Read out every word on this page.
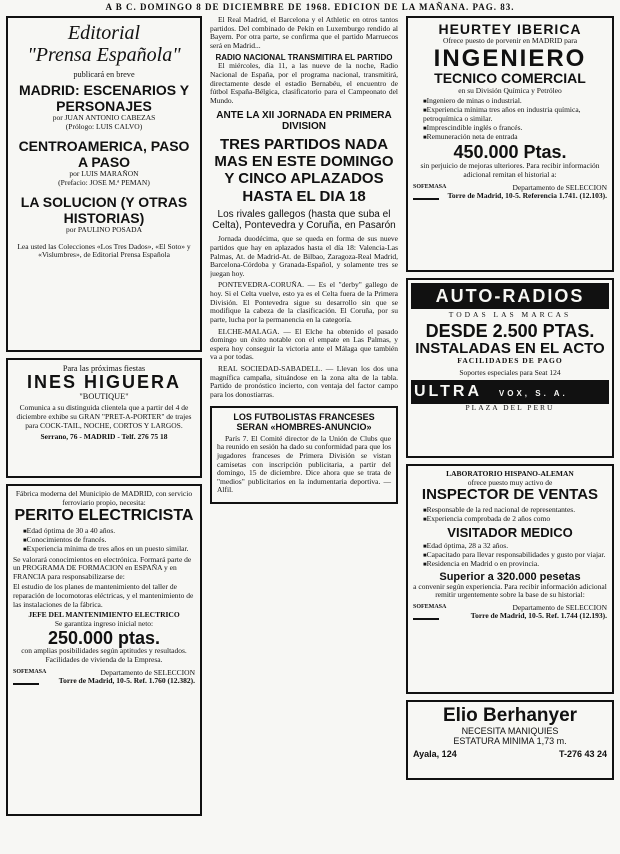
A B C. DOMINGO 8 DE DICIEMBRE DE 1968. EDICION DE LA MAÑANA. PAG. 83.
Editorial
"Prensa Española"
publicará en breve
MADRID: ESCENARIOS Y PERSONAJES
por JUAN ANTONIO CABEZAS
(Prólogo: LUIS CALVO)
CENTROAMERICA, PASO A PASO
por LUIS MARAÑON
(Prefacio: JOSE M.ª PEMAN)
LA SOLUCION (Y OTRAS HISTORIAS)
por PAULINO POSADA
Lea usted las Colecciones «Los Tres Dados», «El Soto» y «Vislumbres», de Editorial Prensa Española
Para las próximas fiestas
INES HIGUERA
"BOUTIQUE"
Comunica a su distinguida clientela que a partir del 4 de diciembre exhibe su GRAN "PRET-A-PORTER" de trajes para COCK-TAIL, NOCHE, CORTOS Y LARGOS.
Serrano, 76 - MADRID - Telf. 276 75 18
Fábrica moderna del Municipio de MADRID, con servicio ferroviario propio, necesita:
PERITO ELECTRICISTA
■ Edad óptima de 30 a 40 años.
■ Conocimientos de francés.
■ Experiencia mínima de tres años en un puesto similar.
Se valorará conocimientos en electrónica. Formará parte de un PROGRAMA DE FORMACION en ESPAÑA y en FRANCIA para responsabilizarse de:
El estudio de los planes de mantenimiento del taller de reparación de locomotoras eléctricas, y el mantenimiento de las instalaciones de la fábrica.
JEFE DEL MANTENIMIENTO ELECTRICO
Se garantiza ingreso inicial neto:
250.000 ptas.
con amplias posibilidades según aptitudes y resultados.
Facilidades de vivienda de la Empresa.
SOFEMASA	Departamento de SELECCION
Torre de Madrid, 10-5. Ref. 1.760 (12.382).

El Real Madrid, el Barcelona y el Athletic en otros tantos partidos. Del combinado de Pekín en Luxemburgo rendido al Bayern. Por otra parte, se confirma que el partido Marruecos será en Madrid...

RADIO NACIONAL TRANSMITIRA EL PARTIDO

El miércoles, día 11, a las nueve de la noche, Radio Nacional de España, por el programa nacional, transmitirá, directamente desde el estadio Bernabéu, el encuentro de fútbol España-Bélgica, clasificatorio para el Campeonato del Mundo.

ANTE LA XII JORNADA EN PRIMERA DIVISION
TRES PARTIDOS NADA MAS EN ESTE DOMINGO Y CINCO APLAZADOS HASTA EL DIA 18
Los rivales gallegos (hasta que suba el Celta), Pontevedra y Coruña, en Pasarón

Jornada duodécima, que se queda en forma de sus nueve partidos que hay en aplazados hasta el día 18: Valencia-Las Palmas, At. de Madrid-At. de Bilbao, Zaragoza-Real Madrid, Barcelona-Córdoba y Granada-Español, y solamente tres se juegan hoy.

PONTEVEDRA-CORUÑA. — Es el "derby" gallego de hoy. Si el Celta vuelve, esto ya es el Celta fuera de la Primera División. El Pontevedra sigue su desarrollo sin que se modifique la cabeza de la clasificación. El Coruña, por su parte, lucha por la permanencia en la categoría.

ELCHE-MALAGA. — El Elche ha obtenido el pasado domingo un éxito notable con el empate en Las Palmas, y espera hoy conseguir la victoria ante el Málaga que también va a por todas.

REAL SOCIEDAD-SABADELL. — Llevan los dos una magnífica campaña, situándose en la zona alta de la tabla. Partido de pronóstico incierto, con ventaja del factor campo para los donostiarras.

LOS FUTBOLISTAS FRANCESES SERAN «HOMBRES-ANUNCIO»

París 7. El Comité director de la Unión de Clubs que ha reunido en sesión ha dado su conformidad para que los jugadores franceses de Primera División se vistan camisetas con inscripción publicitaria, a partir del domingo, 15 de diciembre. Dice ahora que se trata de "medios" publicitarios en la indumentaria deportiva. — Alfil.

HEURTEY IBERICA
Ofrece puesto de porvenir en MADRID para
INGENIERO
TECNICO COMERCIAL
en su División Química y Petróleo
■ Ingeniero de minas o industrial.
■ Experiencia mínima tres años en industria química, petroquímica o similar.
■ Imprescindible inglés o francés.
■ Remuneración neta de entrada
450.000 Ptas.
sin perjuicio de mejoras ulteriores. Para recibir información adicional remitan el historial a:
SOFEMASA	Departamento de SELECCION
Torre de Madrid, 10-5. Referencia 1.741. (12.103).
AUTO-RADIOS
TODAS LAS MARCAS
DESDE 2.500 PTAS.
INSTALADAS EN EL ACTO
FACILIDADES DE PAGO
Soportes especiales para Seat 124
ULTRA VOX, S. A.
PLAZA DEL PERU
LABORATORIO HISPANO-ALEMAN
ofrece puesto muy activo de
INSPECTOR DE VENTAS
■ Responsable de la red nacional de representantes.
■ Experiencia comprobada de 2 años como
VISITADOR MEDICO
■ Edad óptima, 28 a 32 años.
■ Capacitado para llevar responsabilidades y gusto por viajar.
■ Residencia en Madrid o en provincia.
Superior a 320.000 pesetas
a convenir según experiencia. Para recibir información adicional remitir urgentemente sobre la base de su historial:
SOFEMASA	Departamento de SELECCION
Torre de Madrid, 10-5. Ref. 1.744 (12.193).
Elio Berhanyer
NECESITA MANIQUIES
ESTATURA MINIMA 1,73 m.
Ayala, 124	T-276 43 24
